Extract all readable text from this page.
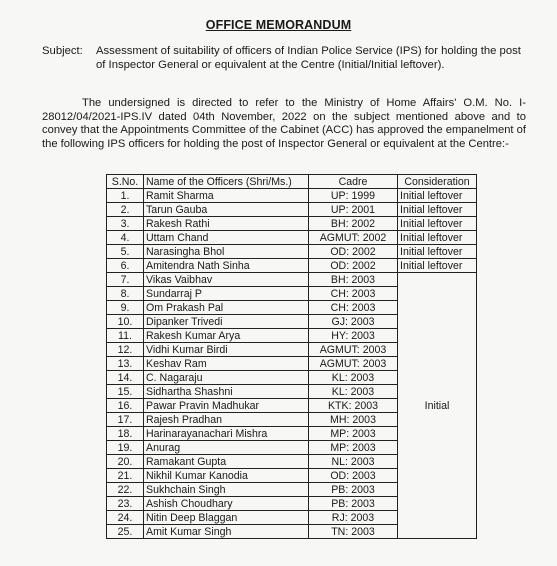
OFFICE MEMORANDUM
Subject: Assessment of suitability of officers of Indian Police Service (IPS) for holding the post of Inspector General or equivalent at the Centre (Initial/Initial leftover).

The undersigned is directed to refer to the Ministry of Home Affairs' O.M. No. I-28012/04/2021-IPS.IV dated 04th November, 2022 on the subject mentioned above and to convey that the Appointments Committee of the Cabinet (ACC) has approved the empanelment of the following IPS officers for holding the post of Inspector General or equivalent at the Centre:-

S.No.	Name of the Officers (Shri/Ms.)	Cadre	Consideration
1.	Ramit Sharma	UP: 1999	Initial leftover
2.	Tarun Gauba	UP: 2001	Initial leftover
3.	Rakesh Rathi	BH: 2002	Initial leftover
4.	Uttam Chand	AGMUT: 2002	Initial leftover
5.	Narasingha Bhol	OD: 2002	Initial leftover
6.	Amitendra Nath Sinha	OD: 2002	Initial leftover
7.	Vikas Vaibhav	BH: 2003	Initial
8.	Sundarraj P	CH: 2003	
9.	Om Prakash Pal	CH: 2003	
10.	Dipanker Trivedi	GJ: 2003	
11.	Rakesh Kumar Arya	HY: 2003	
12.	Vidhi Kumar Birdi	AGMUT: 2003	
13.	Keshav Ram	AGMUT: 2003	
14.	C. Nagaraju	KL: 2003	
15.	Sidhartha Shashni	KL: 2003	
16.	Pawar Pravin Madhukar	KTK: 2003	
17.	Rajesh Pradhan	MH: 2003	
18.	Harinarayanachari Mishra	MP: 2003	
19.	Anurag	MP: 2003	
20.	Ramakant Gupta	NL: 2003	
21.	Nikhil Kumar Kanodia	OD: 2003	
22.	Sukhchain Singh	PB: 2003	
23.	Ashish Choudhary	PB: 2003	
24.	Nitin Deep Blaggan	RJ: 2003	
25.	Amit Kumar Singh	TN: 2003	
